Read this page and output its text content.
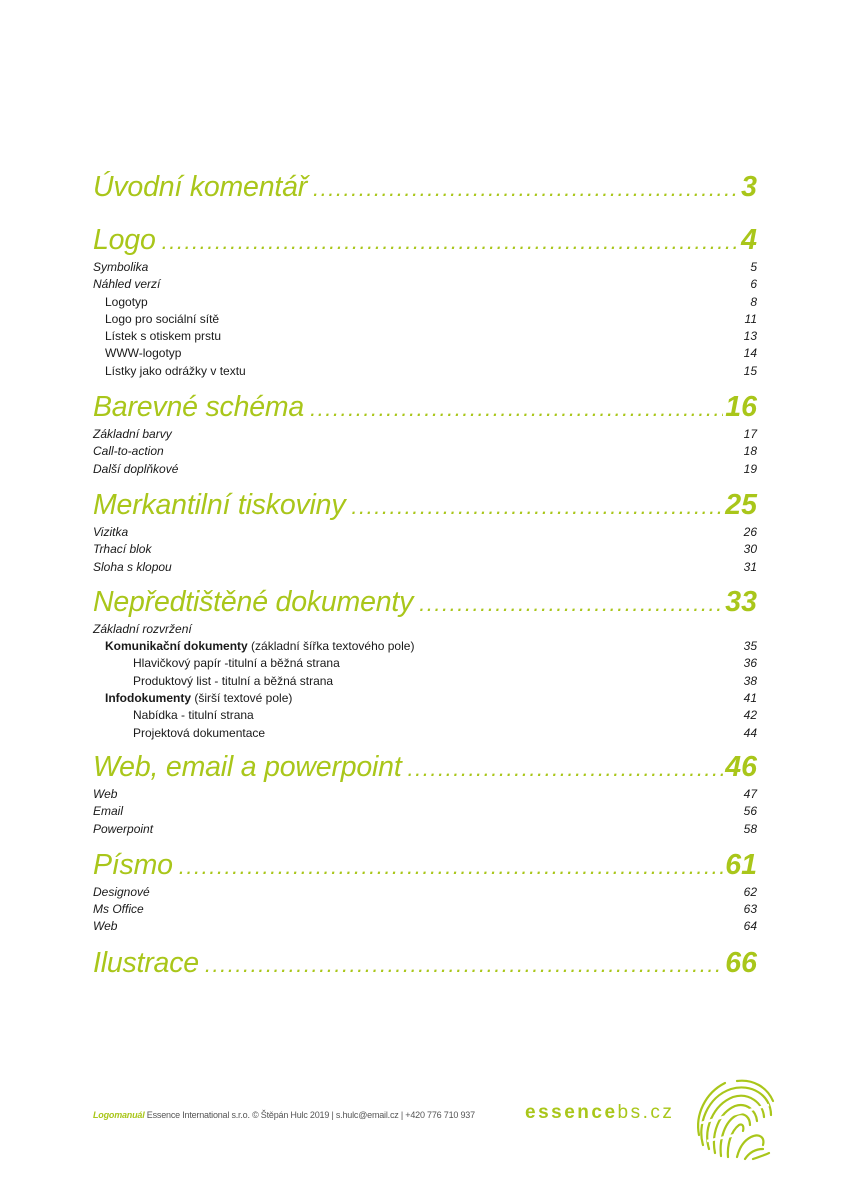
Úvodní komentář .....	3
Logo .....	4
Symbolika	5
Náhled verzí	6
Logotyp	8
Logo pro sociální sítě	11
Lístek s otiskem prstu	13
WWW-logotyp	14
Lístky jako odrážky v textu	15
Barevné schéma .....	16
Základní barvy	17
Call-to-action	18
Další doplňkové	19
Merkantilní tiskoviny .....	25
Vizitka	26
Trhací blok	30
Sloha s klopou	31
Nepředtištěné dokumenty .....	33
Základní rozvržení
Komunikační dokumenty (základní šířka textového pole)	35
Hlavičkový papír -titulní a běžná strana	36
Produktový list - titulní a běžná strana	38
Infodokumenty (širší textové pole)	41
Nabídka - titulní strana	42
Projektová dokumentace	44
Web, email a powerpoint .....	46
Web	47
Email	56
Powerpoint	58
Písmo .....	61
Designové	62
Ms Office	63
Web	64
Ilustrace .....	66
Logomanuál Essence International s.r.o. © Štěpán Hulc 2019 | s.hulc@email.cz | +420 776 710 937	essencebs.cz
